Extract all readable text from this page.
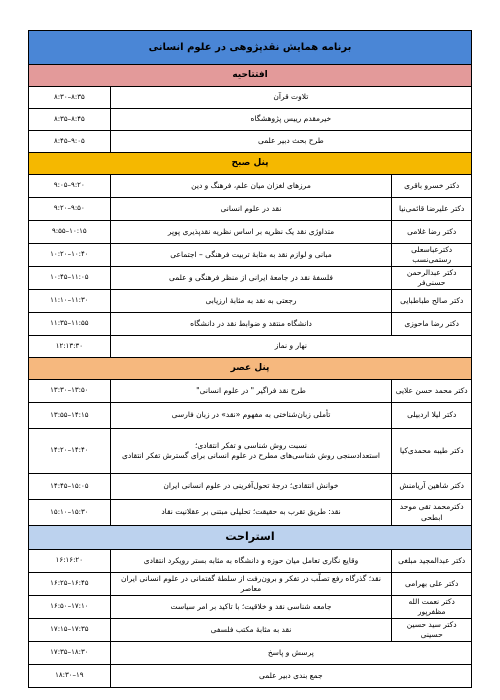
برنامه همایش نقدپژوهی در علوم انسانی
افتتاحیه
تلاوت قرآن
۸:۳۰–۸:۳۵
خیرمقدم رییس پژوهشگاه
۸:۳۵–۸:۴۵
طرح بحث دبیر علمی
۸:۴۵–۹:۰۵
پنل صبح
دکتر خسرو باقری
مرزهای لغزان میان علم، فرهنگ و دین
۹:۰۵–۹:۲۰
دکتر علیرضا قائمی‌نیا
نقد در علوم انسانی
۹:۲۰–۹:۵۰
دکتر رضا غلامی
متداوژی نقد یک نظریه بر اساس نظریه نقدپذیری پوپر
۹:۵۵–۱۰:۱۵
دکترعباسعلی رستمی‌نسب
مبانی و لوازم نقد به مثابهٔ تربیت فرهنگی – اجتماعی
۱۰:۲۰–۱۰:۴۰
دکتر عبدالرحمن حسنی‌فر
فلسفهٔ نقد در جامعهٔ ایرانی از منظر فرهنگی و علمی
۱۰:۴۵–۱۱:۰۵
دکتر صالح طباطبایی
رجعتی به نقد به مثابهٔ ارزیابی
۱۱:۱۰–۱۱:۳۰
دکتر رضا ماحوزی
دانشگاه منتقد و ضوابط نقد در دانشگاه
۱۱:۳۵–۱۱:۵۵
نهار و نماز
۱۲:۱۳:۳۰
پنل عصر
دکتر محمد حسن علایی
طرح نقد فراگیر " در علوم انسانی"
۱۳:۳۰–۱۳:۵۰
دکتر لیلا اردبیلی
تأملی زبان‌شناختی به مفهوم «نقد» در زبان فارسی
۱۳:۵۵–۱۴:۱۵
دکتر طیبه محمدی‌کیا
نسبت روش شناسی و تفکر انتقادی؛
استعدادسنجی روش شناسی‌های مطرح در علوم انسانی برای گسترش تفکر انتقادی
۱۴:۲۰–۱۴:۴۰
دکتر شاهین آریامنش
خوانش انتقادی؛ درجهٔ تحول‌آفرینی در علوم انسانی ایران
۱۴:۴۵–۱۵:۰۵
دکترمحمد تقی موحد ابطحی
نقد: طریق تقرب به حقیقت؛ تحلیلی مبتنی بر عقلانیت نقاد
۱۵:۱۰–۱۵:۳۰
استراحت
دکتر عبدالمجید مبلغی
وقایع نگاری تعامل میان حوزه و دانشگاه به مثابه بستر رویکرد انتقادی
۱۶:۱۶:۲۰
دکتر علی بهرامی
نقد؛ گذرگاه رفع تصلّب در تفکر و برون‌رفت از سلطهٔ گفتمانی در علوم انسانی ایران معاصر
۱۶:۲۵–۱۶:۴۵
دکتر نعمت الله مظفرپور
جامعه شناسی نقد و خلاقیت؛ با تاکید بر امر سیاست
۱۶:۵۰–۱۷:۱۰
دکتر سید حسین حسینی
نقد به مثابهٔ مکتب فلسفی
۱۷:۱۵–۱۷:۳۵
پرسش و پاسخ
۱۷:۳۵–۱۸:۳۰
جمع بندی دبیر علمی
۱۸:۳۰–۱۹
